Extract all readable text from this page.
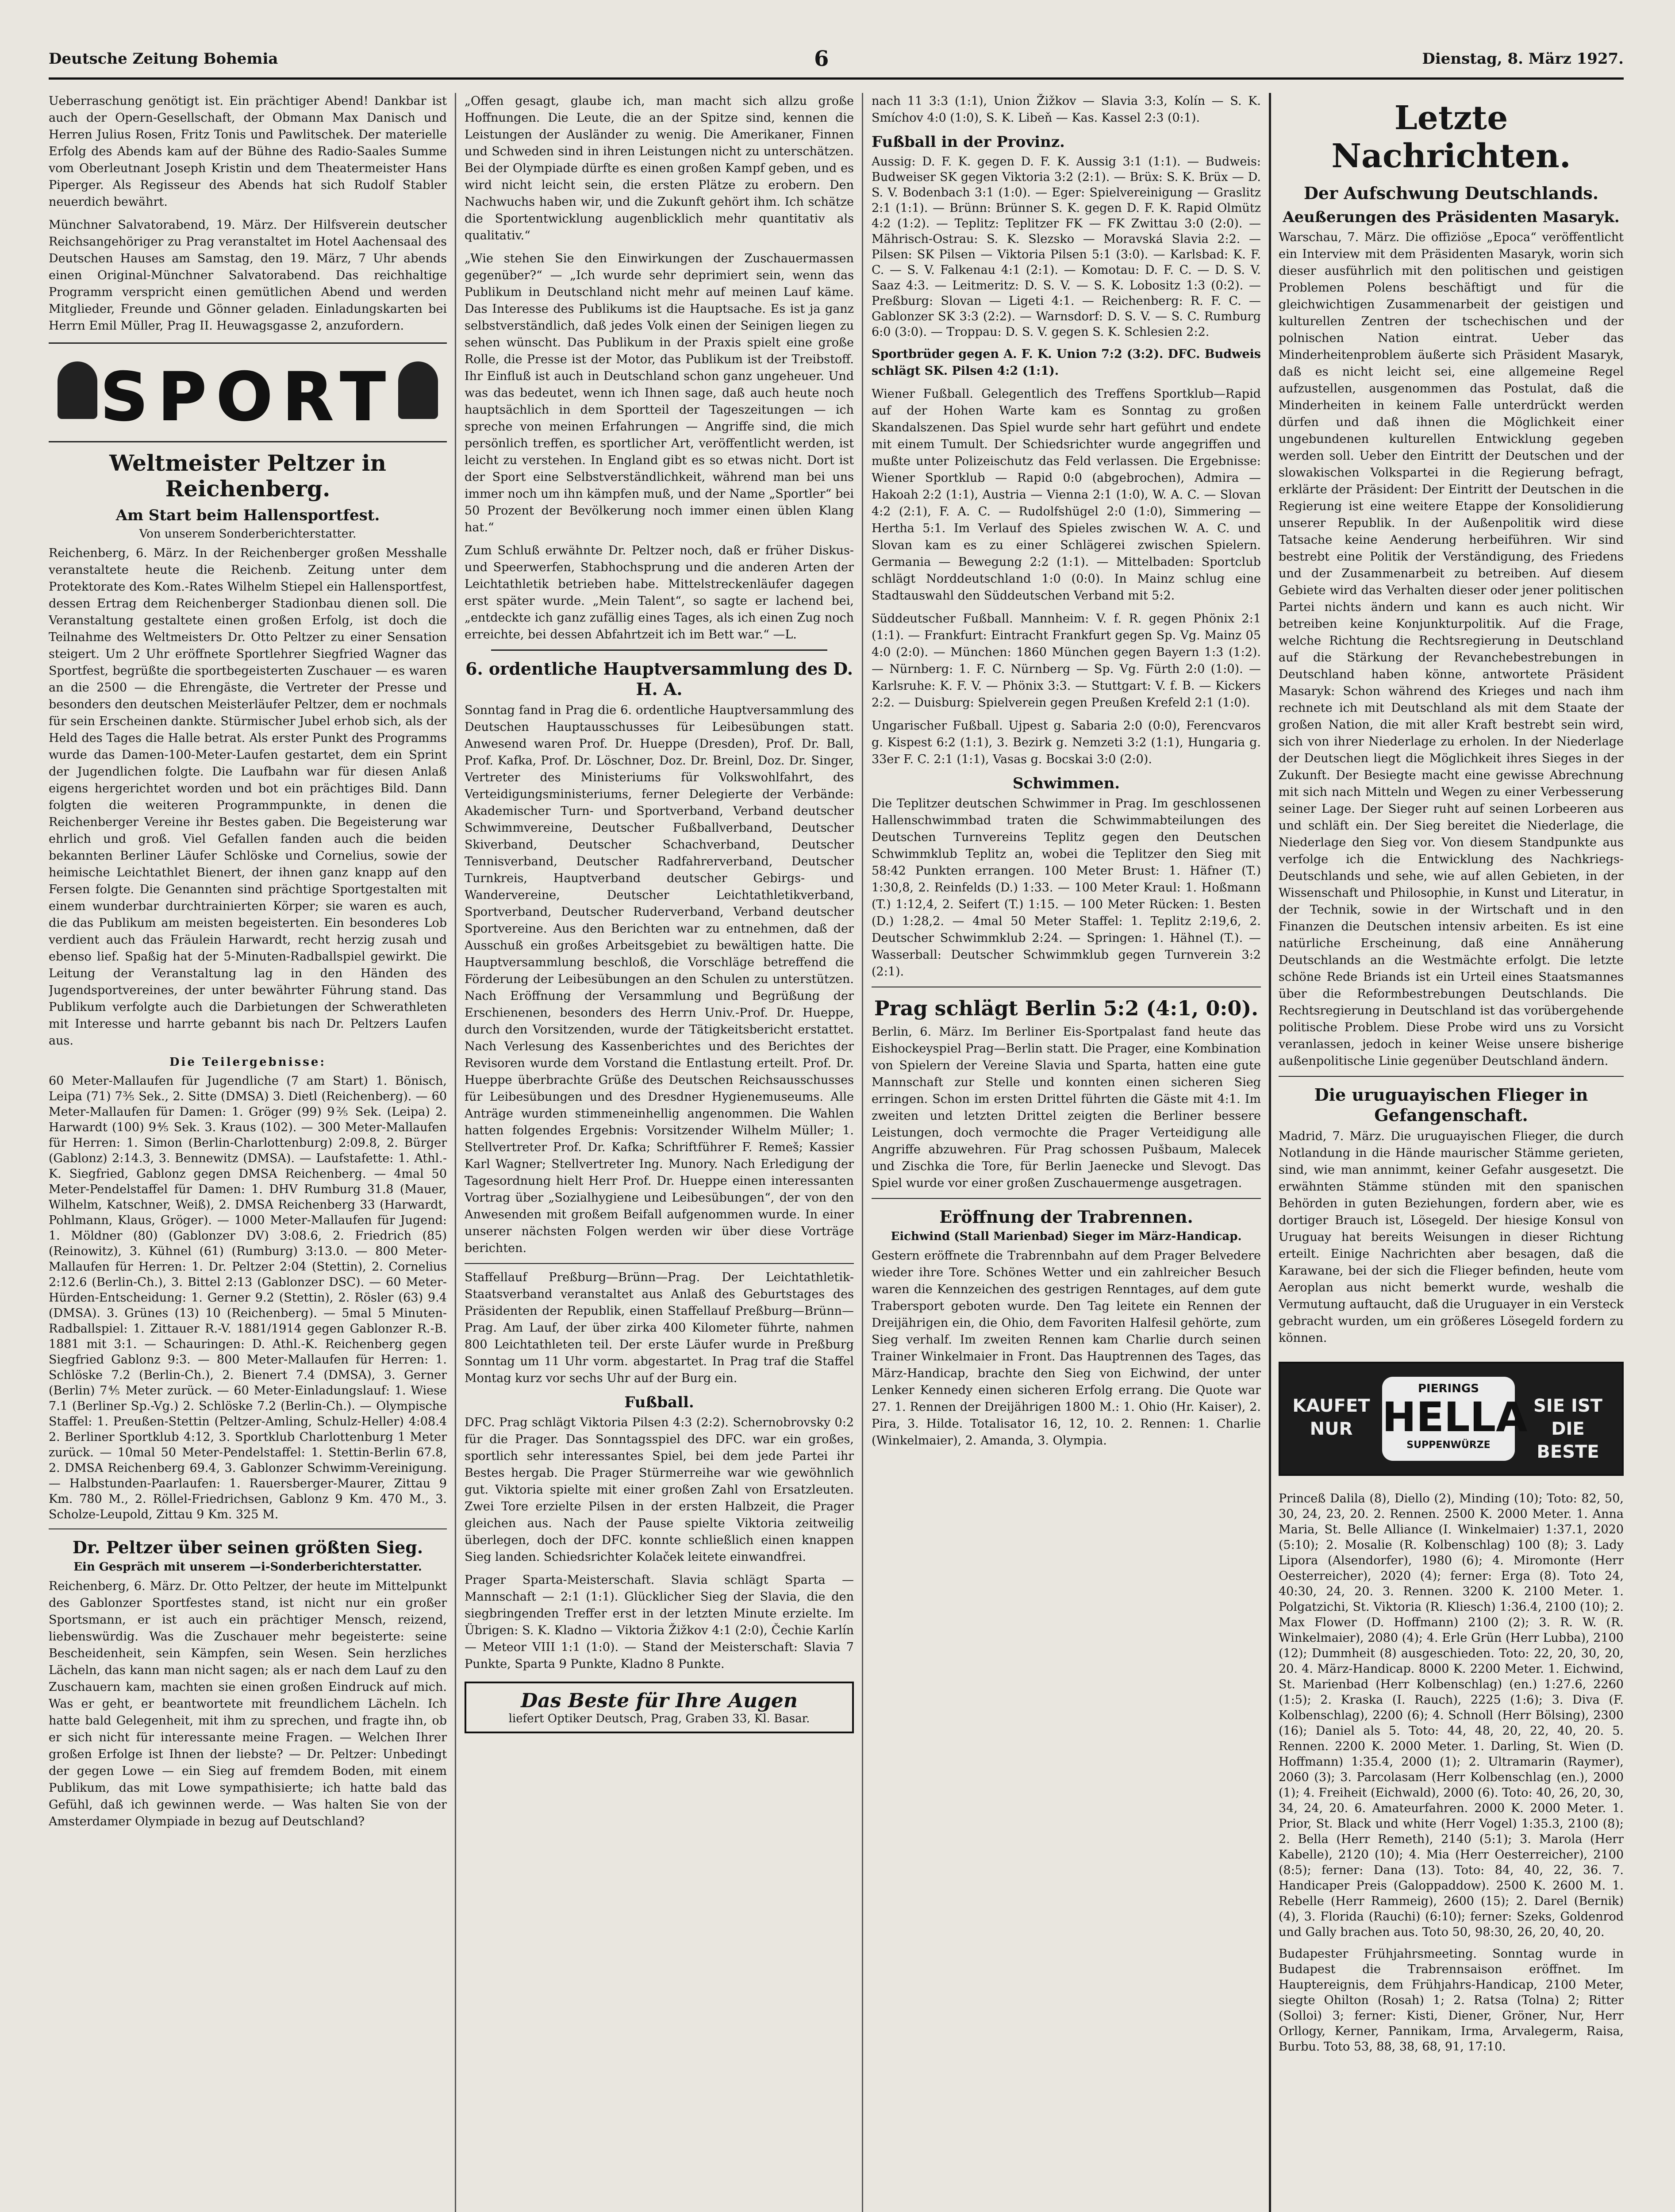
Deutsche Zeitung Bohemia	6	Dienstag, 8. März 1927.

Ueberraschung genötigt ist. Ein prächtiger Abend! Dankbar ist auch der Opern-Gesellschaft, der Obmann Max Danisch und Herren Julius Rosen, Fritz Tonis und Pawlitschek. Der materielle Erfolg des Abends kam auf der Bühne des Radio-Saales Summe vom Oberleutnant Joseph Kristin und dem Theatermeister Hans Piperger. Als Regisseur des Abends hat sich Rudolf Stabler neuerdich bewährt.

Münchner Salvatorabend, 19. März. Der Hilfsverein deutscher Reichsangehöriger zu Prag veranstaltet im Hotel Aachensaal des Deutschen Hauses am Samstag, den 19. März, 7 Uhr abends einen Original-Münchner Salvatorabend. Das reichhaltige Programm verspricht einen gemütlichen Abend und werden Mitglieder, Freunde und Gönner geladen. Einladungskarten bei Herrn Emil Müller, Prag II. Heuwagsgasse 2, anzufordern.

SPORT
Weltmeister Peltzer in Reichenberg.
Am Start beim Hallensportfest.
Von unserem Sonderberichterstatter.

Reichenberg, 6. März. In der Reichenberger großen Messhalle veranstaltete heute die Reichenb. Zeitung unter dem Protektorate des Kom.-Rates Wilhelm Stiepel ein Hallensportfest, dessen Ertrag dem Reichenberger Stadionbau dienen soll. Die Veranstaltung gestaltete einen großen Erfolg, ist doch die Teilnahme des Weltmeisters Dr. Otto Peltzer zu einer Sensation steigert. Um 2 Uhr eröffnete Sportlehrer Siegfried Wagner das Sportfest, begrüßte die sportbegeisterten Zuschauer — es waren an die 2500 — die Ehrengäste, die Vertreter der Presse und besonders den deutschen Meisterläufer Peltzer, dem er nochmals für sein Erscheinen dankte. Stürmischer Jubel erhob sich, als der Held des Tages die Halle betrat. Als erster Punkt des Programms wurde das Damen-100-Meter-Laufen gestartet, dem ein Sprint der Jugendlichen folgte. Die Laufbahn war für diesen Anlaß eigens hergerichtet worden und bot ein prächtiges Bild. Dann folgten die weiteren Programmpunkte, in denen die Reichenberger Vereine ihr Bestes gaben. Die Begeisterung war ehrlich und groß. Viel Gefallen fanden auch die beiden bekannten Berliner Läufer Schlöske und Cornelius, sowie der heimische Leichtathlet Bienert, der ihnen ganz knapp auf den Fersen folgte. Die Genannten sind prächtige Sportgestalten mit einem wunderbar durchtrainierten Körper; sie waren es auch, die das Publikum am meisten begeisterten. Ein besonderes Lob verdient auch das Fräulein Harwardt, recht herzig zusah und ebenso lief. Spaßig hat der 5-Minuten-Radballspiel gewirkt. Die Leitung der Veranstaltung lag in den Händen des Jugendsportvereines, der unter bewährter Führung stand. Das Publikum verfolgte auch die Darbietungen der Schwerathleten mit Interesse und harrte gebannt bis nach Dr. Peltzers Laufen aus.

Die Teilergebnisse:

60 Meter-Mallaufen für Jugendliche (7 am Start) 1. Bönisch, Leipa (71) 7⅗ Sek., 2. Sitte (DMSA) 3. Dietl (Reichenberg). — 60 Meter-Mallaufen für Damen: 1. Gröger (99) 9⅖ Sek. (Leipa) 2. Harwardt (100) 9⅘ Sek. 3. Kraus (102). — 300 Meter-Mallaufen für Herren: 1. Simon (Berlin-Charlottenburg) 2:09.8, 2. Bürger (Gablonz) 2:14.3, 3. Bennewitz (DMSA). — Laufstafette: 1. Athl.-K. Siegfried, Gablonz gegen DMSA Reichenberg. — 4mal 50 Meter-Pendelstaffel für Damen: 1. DHV Rumburg 31.8 (Mauer, Wilhelm, Katschner, Weiß), 2. DMSA Reichenberg 33 (Harwardt, Pohlmann, Klaus, Gröger). — 1000 Meter-Mallaufen für Jugend: 1. Möldner (80) (Gablonzer DV) 3:08.6, 2. Friedrich (85) (Reinowitz), 3. Kühnel (61) (Rumburg) 3:13.0. — 800 Meter-Mallaufen für Herren: 1. Dr. Peltzer 2:04 (Stettin), 2. Cornelius 2:12.6 (Berlin-Ch.), 3. Bittel 2:13 (Gablonzer DSC). — 60 Meter-Hürden-Entscheidung: 1. Gerner 9.2 (Stettin), 2. Rösler (63) 9.4 (DMSA). 3. Grünes (13) 10 (Reichenberg). — 5mal 5 Minuten-Radballspiel: 1. Zittauer R.-V. 1881/1914 gegen Gablonzer R.-B. 1881 mit 3:1. — Schauringen: D. Athl.-K. Reichenberg gegen Siegfried Gablonz 9:3. — 800 Meter-Mallaufen für Herren: 1. Schlöske 7.2 (Berlin-Ch.), 2. Bienert 7.4 (DMSA), 3. Gerner (Berlin) 7⅘ Meter zurück. — 60 Meter-Einladungslauf: 1. Wiese 7.1 (Berliner Sp.-Vg.) 2. Schlöske 7.2 (Berlin-Ch.). — Olympische Staffel: 1. Preußen-Stettin (Peltzer-Amling, Schulz-Heller) 4:08.4 2. Berliner Sportklub 4:12, 3. Sportklub Charlottenburg 1 Meter zurück. — 10mal 50 Meter-Pendelstaffel: 1. Stettin-Berlin 67.8, 2. DMSA Reichenberg 69.4, 3. Gablonzer Schwimm-Vereinigung. — Halbstunden-Paarlaufen: 1. Rauersberger-Maurer, Zittau 9 Km. 780 M., 2. Röllel-Friedrichsen, Gablonz 9 Km. 470 M., 3. Scholze-Leupold, Zittau 9 Km. 325 M.

Dr. Peltzer über seinen größten Sieg.
Ein Gespräch mit unserem —i-Sonderberichterstatter.

Reichenberg, 6. März. Dr. Otto Peltzer, der heute im Mittelpunkt des Gablonzer Sportfestes stand, ist nicht nur ein großer Sportsmann, er ist auch ein prächtiger Mensch, reizend, liebenswürdig. Was die Zuschauer mehr begeisterte: seine Bescheidenheit, sein Kämpfen, sein Wesen. Sein herzliches Lächeln, das kann man nicht sagen; als er nach dem Lauf zu den Zuschauern kam, machten sie einen großen Eindruck auf mich. Was er geht, er beantwortete mit freundlichem Lächeln. Ich hatte bald Gelegenheit, mit ihm zu sprechen, und fragte ihn, ob er sich nicht für interessante meine Fragen. — Welchen Ihrer großen Erfolge ist Ihnen der liebste? — Dr. Peltzer: Unbedingt der gegen Lowe — ein Sieg auf fremdem Boden, mit einem Publikum, das mit Lowe sympathisierte; ich hatte bald das Gefühl, daß ich gewinnen werde. — Was halten Sie von der Amsterdamer Olympiade in bezug auf Deutschland?

„Offen gesagt, glaube ich, man macht sich allzu große Hoffnungen. Die Leute, die an der Spitze sind, kennen die Leistungen der Ausländer zu wenig. Die Amerikaner, Finnen und Schweden sind in ihren Leistungen nicht zu unterschätzen. Bei der Olympiade dürfte es einen großen Kampf geben, und es wird nicht leicht sein, die ersten Plätze zu erobern. Den Nachwuchs haben wir, und die Zukunft gehört ihm. Ich schätze die Sportentwicklung augenblicklich mehr quantitativ als qualitativ.“

„Wie stehen Sie den Einwirkungen der Zuschauermassen gegenüber?“ — „Ich wurde sehr deprimiert sein, wenn das Publikum in Deutschland nicht mehr auf meinen Lauf käme. Das Interesse des Publikums ist die Hauptsache. Es ist ja ganz selbstverständlich, daß jedes Volk einen der Seinigen liegen zu sehen wünscht. Das Publikum in der Praxis spielt eine große Rolle, die Presse ist der Motor, das Publikum ist der Treibstoff. Ihr Einfluß ist auch in Deutschland schon ganz ungeheuer. Und was das bedeutet, wenn ich Ihnen sage, daß auch heute noch hauptsächlich in dem Sportteil der Tageszeitungen — ich spreche von meinen Erfahrungen — Angriffe sind, die mich persönlich treffen, es sportlicher Art, veröffentlicht werden, ist leicht zu verstehen. In England gibt es so etwas nicht. Dort ist der Sport eine Selbstverständlichkeit, während man bei uns immer noch um ihn kämpfen muß, und der Name „Sportler“ bei 50 Prozent der Bevölkerung noch immer einen üblen Klang hat.“

Zum Schluß erwähnte Dr. Peltzer noch, daß er früher Diskus- und Speerwerfen, Stabhochsprung und die anderen Arten der Leichtathletik betrieben habe. Mittelstreckenläufer dagegen erst später wurde. „Mein Talent“, so sagte er lachend bei, „entdeckte ich ganz zufällig eines Tages, als ich einen Zug noch erreichte, bei dessen Abfahrtzeit ich im Bett war.“ —L.

6. ordentliche Hauptversammlung des D. H. A.

Sonntag fand in Prag die 6. ordentliche Hauptversammlung des Deutschen Hauptausschusses für Leibesübungen statt. Anwesend waren Prof. Dr. Hueppe (Dresden), Prof. Dr. Ball, Prof. Kafka, Prof. Dr. Löschner, Doz. Dr. Breinl, Doz. Dr. Singer, Vertreter des Ministeriums für Volkswohlfahrt, des Verteidigungsministeriums, ferner Delegierte der Verbände: Akademischer Turn- und Sportverband, Verband deutscher Schwimmvereine, Deutscher Fußballverband, Deutscher Skiverband, Deutscher Schachverband, Deutscher Tennisverband, Deutscher Radfahrerverband, Deutscher Turnkreis, Hauptverband deutscher Gebirgs- und Wandervereine, Deutscher Leichtathletikverband, Sportverband, Deutscher Ruderverband, Verband deutscher Sportvereine. Aus den Berichten war zu entnehmen, daß der Ausschuß ein großes Arbeitsgebiet zu bewältigen hatte. Die Hauptversammlung beschloß, die Vorschläge betreffend die Förderung der Leibesübungen an den Schulen zu unterstützen. Nach Eröffnung der Versammlung und Begrüßung der Erschienenen, besonders des Herrn Univ.-Prof. Dr. Hueppe, durch den Vorsitzenden, wurde der Tätigkeitsbericht erstattet. Nach Verlesung des Kassenberichtes und des Berichtes der Revisoren wurde dem Vorstand die Entlastung erteilt. Prof. Dr. Hueppe überbrachte Grüße des Deutschen Reichsausschusses für Leibesübungen und des Dresdner Hygienemuseums. Alle Anträge wurden stimmeneinhellig angenommen. Die Wahlen hatten folgendes Ergebnis: Vorsitzender Wilhelm Müller; 1. Stellvertreter Prof. Dr. Kafka; Schriftführer F. Remeš; Kassier Karl Wagner; Stellvertreter Ing. Munory. Nach Erledigung der Tagesordnung hielt Herr Prof. Dr. Hueppe einen interessanten Vortrag über „Sozialhygiene und Leibesübungen“, der von den Anwesenden mit großem Beifall aufgenommen wurde. In einer unserer nächsten Folgen werden wir über diese Vorträge berichten.

Staffellauf Preßburg—Brünn—Prag. Der Leichtathletik-Staatsverband veranstaltet aus Anlaß des Geburtstages des Präsidenten der Republik, einen Staffellauf Preßburg—Brünn—Prag. Am Lauf, der über zirka 400 Kilometer führte, nahmen 800 Leichtathleten teil. Der erste Läufer wurde in Preßburg Sonntag um 11 Uhr vorm. abgestartet. In Prag traf die Staffel Montag kurz vor sechs Uhr auf der Burg ein.

Fußball.

DFC. Prag schlägt Viktoria Pilsen 4:3 (2:2). Schernobrovsky 0:2 für die Prager. Das Sonntagsspiel des DFC. war ein großes, sportlich sehr interessantes Spiel, bei dem jede Partei ihr Bestes hergab. Die Prager Stürmerreihe war wie gewöhnlich gut. Viktoria spielte mit einer großen Zahl von Ersatzleuten. Zwei Tore erzielte Pilsen in der ersten Halbzeit, die Prager gleichen aus. Nach der Pause spielte Viktoria zeitweilig überlegen, doch der DFC. konnte schließlich einen knappen Sieg landen. Schiedsrichter Kolaček leitete einwandfrei.

Prager Sparta-Meisterschaft. Slavia schlägt Sparta — Mannschaft — 2:1 (1:1). Glücklicher Sieg der Slavia, die den siegbringenden Treffer erst in der letzten Minute erzielte. Im Übrigen: S. K. Kladno — Viktoria Žižkov 4:1 (2:0), Čechie Karlín — Meteor VIII 1:1 (1:0). — Stand der Meisterschaft: Slavia 7 Punkte, Sparta 9 Punkte, Kladno 8 Punkte.

Das Beste für Ihre Augen
liefert Optiker Deutsch, Prag, Graben 33, Kl. Basar.

nach 11 3:3 (1:1), Union Žižkov — Slavia 3:3, Kolín — S. K. Smíchov 4:0 (1:0), S. K. Libeň — Kas. Kassel 2:3 (0:1).

Fußball in der Provinz.

Aussig: D. F. K. gegen D. F. K. Aussig 3:1 (1:1). — Budweis: Budweiser SK gegen Viktoria 3:2 (2:1). — Brüx: S. K. Brüx — D. S. V. Bodenbach 3:1 (1:0). — Eger: Spielvereinigung — Graslitz 2:1 (1:1). — Brünn: Brünner S. K. gegen D. F. K. Rapid Olmütz 4:2 (1:2). — Teplitz: Teplitzer FK — FK Zwittau 3:0 (2:0). — Mährisch-Ostrau: S. K. Slezsko — Moravská Slavia 2:2. — Pilsen: SK Pilsen — Viktoria Pilsen 5:1 (3:0). — Karlsbad: K. F. C. — S. V. Falkenau 4:1 (2:1). — Komotau: D. F. C. — D. S. V. Saaz 4:3. — Leitmeritz: D. S. V. — S. K. Lobositz 1:3 (0:2). — Preßburg: Slovan — Ligeti 4:1. — Reichenberg: R. F. C. — Gablonzer SK 3:3 (2:2). — Warnsdorf: D. S. V. — S. C. Rumburg 6:0 (3:0). — Troppau: D. S. V. gegen S. K. Schlesien 2:2.

Sportbrüder gegen A. F. K. Union 7:2 (3:2). DFC. Budweis schlägt SK. Pilsen 4:2 (1:1).

Wiener Fußball. Gelegentlich des Treffens Sportklub—Rapid auf der Hohen Warte kam es Sonntag zu großen Skandalszenen. Das Spiel wurde sehr hart geführt und endete mit einem Tumult. Der Schiedsrichter wurde angegriffen und mußte unter Polizeischutz das Feld verlassen. Die Ergebnisse: Wiener Sportklub — Rapid 0:0 (abgebrochen), Admira — Hakoah 2:2 (1:1), Austria — Vienna 2:1 (1:0), W. A. C. — Slovan 4:2 (2:1), F. A. C. — Rudolfshügel 2:0 (1:0), Simmering — Hertha 5:1. Im Verlauf des Spieles zwischen W. A. C. und Slovan kam es zu einer Schlägerei zwischen Spielern. Germania — Bewegung 2:2 (1:1). — Mittelbaden: Sportclub schlägt Norddeutschland 1:0 (0:0). In Mainz schlug eine Stadtauswahl den Süddeutschen Verband mit 5:2.

Süddeutscher Fußball. Mannheim: V. f. R. gegen Phönix 2:1 (1:1). — Frankfurt: Eintracht Frankfurt gegen Sp. Vg. Mainz 05 4:0 (2:0). — München: 1860 München gegen Bayern 1:3 (1:2). — Nürnberg: 1. F. C. Nürnberg — Sp. Vg. Fürth 2:0 (1:0). — Karlsruhe: K. F. V. — Phönix 3:3. — Stuttgart: V. f. B. — Kickers 2:2. — Duisburg: Spielverein gegen Preußen Krefeld 2:1 (1:0).

Ungarischer Fußball. Ujpest g. Sabaria 2:0 (0:0), Ferencvaros g. Kispest 6:2 (1:1), 3. Bezirk g. Nemzeti 3:2 (1:1), Hungaria g. 33er F. C. 2:1 (1:1), Vasas g. Bocskai 3:0 (2:0).

Schwimmen.

Die Teplitzer deutschen Schwimmer in Prag. Im geschlossenen Hallenschwimmbad traten die Schwimmabteilungen des Deutschen Turnvereins Teplitz gegen den Deutschen Schwimmklub Teplitz an, wobei die Teplitzer den Sieg mit 58:42 Punkten errangen. 100 Meter Brust: 1. Häfner (T.) 1:30,8, 2. Reinfelds (D.) 1:33. — 100 Meter Kraul: 1. Hoßmann (T.) 1:12,4, 2. Seifert (T.) 1:15. — 100 Meter Rücken: 1. Besten (D.) 1:28,2. — 4mal 50 Meter Staffel: 1. Teplitz 2:19,6, 2. Deutscher Schwimmklub 2:24. — Springen: 1. Hähnel (T.). — Wasserball: Deutscher Schwimmklub gegen Turnverein 3:2 (2:1).

Prag schlägt Berlin 5:2 (4:1, 0:0).

Berlin, 6. März. Im Berliner Eis-Sportpalast fand heute das Eishockeyspiel Prag—Berlin statt. Die Prager, eine Kombination von Spielern der Vereine Slavia und Sparta, hatten eine gute Mannschaft zur Stelle und konnten einen sicheren Sieg erringen. Schon im ersten Drittel führten die Gäste mit 4:1. Im zweiten und letzten Drittel zeigten die Berliner bessere Leistungen, doch vermochte die Prager Verteidigung alle Angriffe abzuwehren. Für Prag schossen Pušbaum, Malecek und Zischka die Tore, für Berlin Jaenecke und Slevogt. Das Spiel wurde vor einer großen Zuschauermenge ausgetragen.

Eröffnung der Trabrennen.
Eichwind (Stall Marienbad) Sieger im März-Handicap.

Gestern eröffnete die Trabrennbahn auf dem Prager Belvedere wieder ihre Tore. Schönes Wetter und ein zahlreicher Besuch waren die Kennzeichen des gestrigen Renntages, auf dem gute Trabersport geboten wurde. Den Tag leitete ein Rennen der Dreijährigen ein, die Ohio, dem Favoriten Halfesil gehörte, zum Sieg verhalf. Im zweiten Rennen kam Charlie durch seinen Trainer Winkelmaier in Front. Das Hauptrennen des Tages, das März-Handicap, brachte den Sieg von Eichwind, der unter Lenker Kennedy einen sicheren Erfolg errang. Die Quote war 27. 1. Rennen der Dreijährigen 1800 M.: 1. Ohio (Hr. Kaiser), 2. Pira, 3. Hilde. Totalisator 16, 12, 10. 2. Rennen: 1. Charlie (Winkelmaier), 2. Amanda, 3. Olympia.

Letzte Nachrichten.
Der Aufschwung Deutschlands.
Aeußerungen des Präsidenten Masaryk.

Warschau, 7. März. Die offiziöse „Epoca“ veröffentlicht ein Interview mit dem Präsidenten Masaryk, worin sich dieser ausführlich mit den politischen und geistigen Problemen Polens beschäftigt und für die gleichwichtigen Zusammenarbeit der geistigen und kulturellen Zentren der tschechischen und der polnischen Nation eintrat. Ueber das Minderheitenproblem äußerte sich Präsident Masaryk, daß es nicht leicht sei, eine allgemeine Regel aufzustellen, ausgenommen das Postulat, daß die Minderheiten in keinem Falle unterdrückt werden dürfen und daß ihnen die Möglichkeit einer ungebundenen kulturellen Entwicklung gegeben werden soll. Ueber den Eintritt der Deutschen und der slowakischen Volkspartei in die Regierung befragt, erklärte der Präsident: Der Eintritt der Deutschen in die Regierung ist eine weitere Etappe der Konsolidierung unserer Republik. In der Außenpolitik wird diese Tatsache keine Aenderung herbeiführen. Wir sind bestrebt eine Politik der Verständigung, des Friedens und der Zusammenarbeit zu betreiben. Auf diesem Gebiete wird das Verhalten dieser oder jener politischen Partei nichts ändern und kann es auch nicht. Wir betreiben keine Konjunkturpolitik. Auf die Frage, welche Richtung die Rechtsregierung in Deutschland auf die Stärkung der Revanchebestrebungen in Deutschland haben könne, antwortete Präsident Masaryk: Schon während des Krieges und nach ihm rechnete ich mit Deutschland als mit dem Staate der großen Nation, die mit aller Kraft bestrebt sein wird, sich von ihrer Niederlage zu erholen. In der Niederlage der Deutschen liegt die Möglichkeit ihres Sieges in der Zukunft. Der Besiegte macht eine gewisse Abrechnung mit sich nach Mitteln und Wegen zu einer Verbesserung seiner Lage. Der Sieger ruht auf seinen Lorbeeren aus und schläft ein. Der Sieg bereitet die Niederlage, die Niederlage den Sieg vor. Von diesem Standpunkte aus verfolge ich die Entwicklung des Nachkriegs-Deutschlands und sehe, wie auf allen Gebieten, in der Wissenschaft und Philosophie, in Kunst und Literatur, in der Technik, sowie in der Wirtschaft und in den Finanzen die Deutschen intensiv arbeiten. Es ist eine natürliche Erscheinung, daß eine Annäherung Deutschlands an die Westmächte erfolgt. Die letzte schöne Rede Briands ist ein Urteil eines Staatsmannes über die Reformbestrebungen Deutschlands. Die Rechtsregierung in Deutschland ist das vorübergehende politische Problem. Diese Probe wird uns zu Vorsicht veranlassen, jedoch in keiner Weise unsere bisherige außenpolitische Linie gegenüber Deutschland ändern.

Die uruguayischen Flieger in Gefangenschaft.

Madrid, 7. März. Die uruguayischen Flieger, die durch Notlandung in die Hände maurischer Stämme gerieten, sind, wie man annimmt, keiner Gefahr ausgesetzt. Die erwähnten Stämme stünden mit den spanischen Behörden in guten Beziehungen, fordern aber, wie es dortiger Brauch ist, Lösegeld. Der hiesige Konsul von Uruguay hat bereits Weisungen in dieser Richtung erteilt. Einige Nachrichten aber besagen, daß die Karawane, bei der sich die Flieger befinden, heute vom Aeroplan aus nicht bemerkt wurde, weshalb die Vermutung auftaucht, daß die Uruguayer in ein Versteck gebracht wurden, um ein größeres Lösegeld fordern zu können.

KAUFET NUR
PIERINGS
HELLA
SUPPENWÜRZE
SIE IST DIE BESTE

Princeß Dalila (8), Diello (2), Minding (10); Toto: 82, 50, 30, 24, 23, 20. 2. Rennen. 2500 K. 2000 Meter. 1. Anna Maria, St. Belle Alliance (I. Winkelmaier) 1:37.1, 2020 (5:10); 2. Mosalie (R. Kolbenschlag) 100 (8); 3. Lady Lipora (Alsendorfer), 1980 (6); 4. Miromonte (Herr Oesterreicher), 2020 (4); ferner: Erga (8). Toto 24, 40:30, 24, 20. 3. Rennen. 3200 K. 2100 Meter. 1. Polgatzichi, St. Viktoria (R. Kliesch) 1:36.4, 2100 (10); 2. Max Flower (D. Hoffmann) 2100 (2); 3. R. W. (R. Winkelmaier), 2080 (4); 4. Erle Grün (Herr Lubba), 2100 (12); Dummheit (8) ausgeschieden. Toto: 22, 20, 30, 20, 20. 4. März-Handicap. 8000 K. 2200 Meter. 1. Eichwind, St. Marienbad (Herr Kolbenschlag) (en.) 1:27.6, 2260 (1:5); 2. Kraska (I. Rauch), 2225 (1:6); 3. Diva (F. Kolbenschlag), 2200 (6); 4. Schnoll (Herr Bölsing), 2300 (16); Daniel als 5. Toto: 44, 48, 20, 22, 40, 20. 5. Rennen. 2200 K. 2000 Meter. 1. Darling, St. Wien (D. Hoffmann) 1:35.4, 2000 (1); 2. Ultramarin (Raymer), 2060 (3); 3. Parcolasam (Herr Kolbenschlag (en.), 2000 (1); 4. Freiheit (Eichwald), 2000 (6). Toto: 40, 26, 20, 30, 34, 24, 20. 6. Amateurfahren. 2000 K. 2000 Meter. 1. Prior, St. Black und white (Herr Vogel) 1:35.3, 2100 (8); 2. Bella (Herr Remeth), 2140 (5:1); 3. Marola (Herr Kabelle), 2120 (10); 4. Mia (Herr Oesterreicher), 2100 (8:5); ferner: Dana (13). Toto: 84, 40, 22, 36. 7. Handicaper Preis (Galoppaddow). 2500 K. 2600 M. 1. Rebelle (Herr Rammeig), 2600 (15); 2. Darel (Bernik) (4), 3. Florida (Rauchi) (6:10); ferner: Szeks, Goldenrod und Gally brachen aus. Toto 50, 98:30, 26, 20, 40, 20.

Budapester Frühjahrsmeeting. Sonntag wurde in Budapest die Trabrennsaison eröffnet. Im Hauptereignis, dem Frühjahrs-Handicap, 2100 Meter, siegte Ohilton (Rosah) 1; 2. Ratsa (Tolna) 2; Ritter (Solloi) 3; ferner: Kisti, Diener, Gröner, Nur, Herr Orllogy, Kerner, Pannikam, Irma, Arvalegerm, Raisa, Burbu. Toto 53, 88, 38, 68, 91, 17:10.
